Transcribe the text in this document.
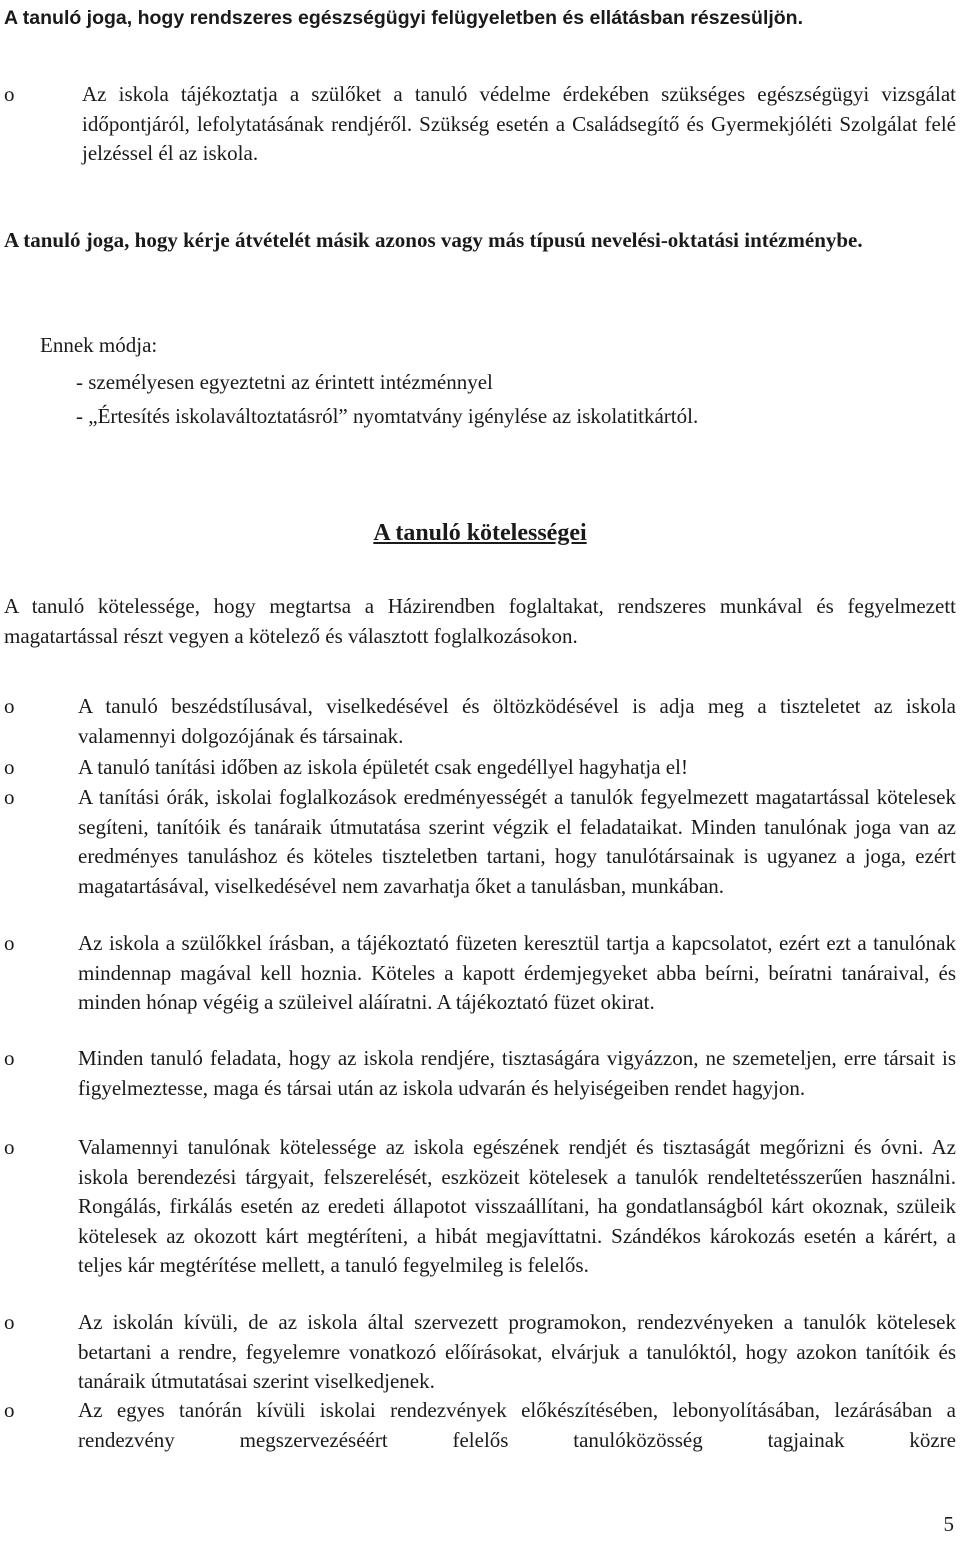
A tanuló joga, hogy rendszeres egészségügyi felügyeletben és ellátásban részesüljön.
o	Az iskola tájékoztatja a szülőket a tanuló védelme érdekében szükséges egészségügyi vizsgálat időpontjáról, lefolytatásának rendjéről. Szükség esetén a Családsegítő és Gyermekjóléti Szolgálat felé jelzéssel él az iskola.
A tanuló joga, hogy kérje átvételét másik azonos vagy más típusú nevelési-oktatási intézménybe.
Ennek módja:
- személyesen egyeztetni az érintett intézménnyel
- „Értesítés iskolaváltoztatásról” nyomtatvány igénylése az iskolatitkártól.
A tanuló kötelességei
A tanuló kötelessége, hogy megtartsa a Házirendben foglaltakat, rendszeres munkával és fegyelmezett magatartással részt vegyen a kötelező és választott foglalkozásokon.
o	A tanuló beszédstílusával, viselkedésével és öltözködésével is adja meg a tiszteletet az iskola valamennyi dolgozójának és társainak.
o	A tanuló tanítási időben az iskola épületét csak engedéllyel hagyhatja el!
o	A tanítási órák, iskolai foglalkozások eredményességét a tanulók fegyelmezett magatartással kötelesek segíteni, tanítóik és tanáraik útmutatása szerint végzik el feladataikat. Minden tanulónak joga van az eredményes tanuláshoz és köteles tiszteletben tartani, hogy tanulótársainak is ugyanez a joga, ezért magatartásával, viselkedésével nem zavarhatja őket a tanulásban, munkában.
o	Az iskola a szülőkkel írásban, a tájékoztató füzeten keresztül tartja a kapcsolatot, ezért ezt a tanulónak mindennap magával kell hoznia. Köteles a kapott érdemjegyeket abba beírni, beíratni tanáraival, és minden hónap végéig a szüleivel aláíratni. A tájékoztató füzet okirat.
o	Minden tanuló feladata, hogy az iskola rendjére, tisztaságára vigyázzon, ne szemeteljen, erre társait is figyelmeztesse, maga és társai után az iskola udvarán és helyiségeiben rendet hagyjon.
o	Valamennyi tanulónak kötelessége az iskola egészének rendjét és tisztaságát megőrizni és óvni. Az iskola berendezési tárgyait, felszerelését, eszközeit kötelesek a tanulók rendeltetésszerűen használni. Rongálás, firkálás esetén az eredeti állapotot visszaállítani, ha gondatlanságból kárt okoznak, szüleik kötelesek az okozott kárt megtéríteni, a hibát megjavíttatni. Szándékos károkozás esetén a kárért, a teljes kár megtérítése mellett, a tanuló fegyelmileg is felelős.
o	Az iskolán kívüli, de az iskola által szervezett programokon, rendezvényeken a tanulók kötelesek betartani a rendre, fegyelemre vonatkozó előírásokat, elvárjuk a tanulóktól, hogy azokon tanítóik és tanáraik útmutatásai szerint viselkedjenek.
o	Az egyes tanórán kívüli iskolai rendezvények előkészítésében, lebonyolításában, lezárásában a rendezvény megszervezéséért felelős tanulóközösség tagjainak közre
5
